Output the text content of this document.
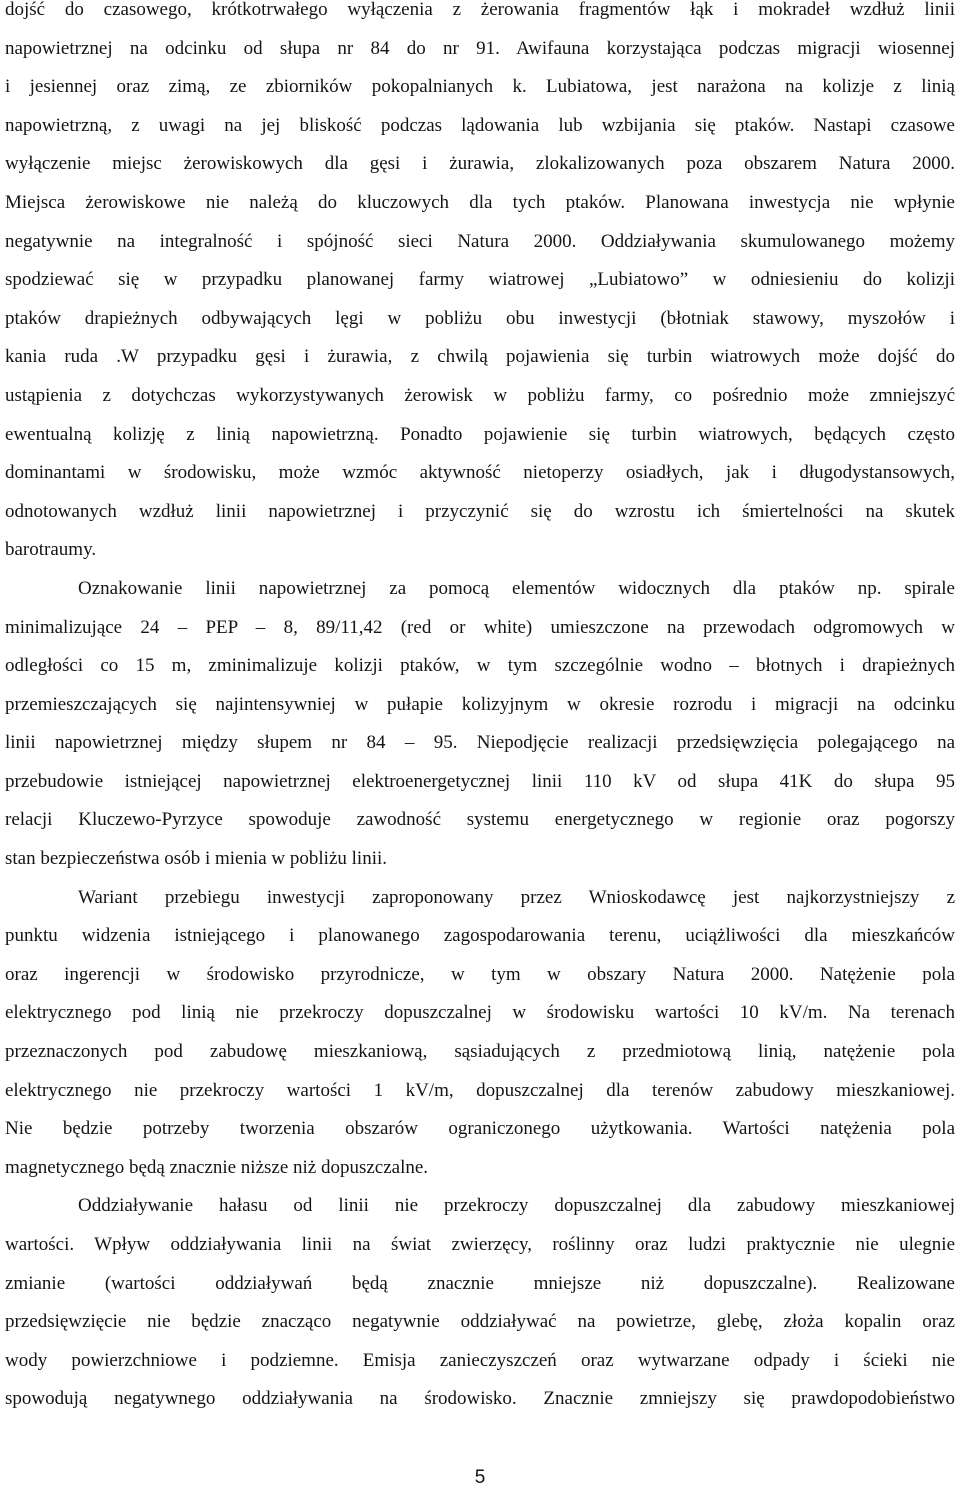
dojść do czasowego, krótkotrwałego wyłączenia z żerowania fragmentów łąk i mokradeł wzdłuż linii
napowietrznej na odcinku od słupa nr 84 do nr 91. Awifauna korzystająca podczas migracji wiosennej
i jesiennej oraz zimą, ze zbiorników pokopalnianych k. Lubiatowa, jest narażona na kolizje z linią
napowietrzną, z uwagi na jej bliskość podczas lądowania lub wzbijania się ptaków. Nastapi czasowe
wyłączenie miejsc żerowiskowych dla gęsi i żurawia, zlokalizowanych poza obszarem Natura 2000.
Miejsca żerowiskowe nie należą do kluczowych dla tych ptaków. Planowana inwestycja nie wpłynie
negatywnie na integralność i spójność sieci Natura 2000. Oddziaływania skumulowanego możemy
spodziewać się w przypadku planowanej farmy wiatrowej „Lubiatowo” w odniesieniu do kolizji
ptaków drapieżnych odbywających lęgi w pobliżu obu inwestycji (błotniak stawowy, myszołów i
kania ruda .W przypadku gęsi i żurawia, z chwilą pojawienia się turbin wiatrowych może dojść do
ustąpienia z dotychczas wykorzystywanych żerowisk w pobliżu farmy, co pośrednio może zmniejszyć
ewentualną kolizję z linią napowietrzną. Ponadto pojawienie się turbin wiatrowych, będących często
dominantami w środowisku, może wzmóc aktywność nietoperzy osiadłych, jak i długodystansowych,
odnotowanych wzdłuż linii napowietrznej i przyczynić się do wzrostu ich śmiertelności na skutek
barotraumy.
Oznakowanie linii napowietrznej za pomocą elementów widocznych dla ptaków np. spirale
minimalizujące 24 – PEP – 8, 89/11,42 (red or white) umieszczone na przewodach odgromowych w
odległości co 15 m, zminimalizuje kolizji ptaków, w tym szczególnie wodno – błotnych i drapieżnych
przemieszczających się najintensywniej w pułapie kolizyjnym w okresie rozrodu i migracji na odcinku
linii napowietrznej między słupem nr 84 – 95. Niepodjęcie realizacji przedsięwzięcia polegającego na
przebudowie istniejącej napowietrznej elektroenergetycznej linii 110 kV od słupa 41K do słupa 95
relacji Kluczewo-Pyrzyce spowoduje zawodność systemu energetycznego w regionie oraz pogorszy
stan bezpieczeństwa osób i mienia w pobliżu linii.
Wariant przebiegu inwestycji zaproponowany przez Wnioskodawcę jest najkorzystniejszy z
punktu widzenia istniejącego i planowanego zagospodarowania terenu, uciążliwości dla mieszkańców
oraz ingerencji w środowisko przyrodnicze, w tym w obszary Natura 2000. Natężenie pola
elektrycznego pod linią nie przekroczy dopuszczalnej w środowisku wartości 10 kV/m. Na terenach
przeznaczonych pod zabudowę mieszkaniową, sąsiadujących z przedmiotową linią, natężenie pola
elektrycznego nie przekroczy wartości 1 kV/m, dopuszczalnej dla terenów zabudowy mieszkaniowej.
Nie będzie potrzeby tworzenia obszarów ograniczonego użytkowania. Wartości natężenia pola
magnetycznego będą znacznie niższe niż dopuszczalne.
Oddziaływanie hałasu od linii nie przekroczy dopuszczalnej dla zabudowy mieszkaniowej
wartości. Wpływ oddziaływania linii na świat zwierzęcy, roślinny oraz ludzi praktycznie nie ulegnie
zmianie (wartości oddziaływań będą znacznie mniejsze niż dopuszczalne). Realizowane
przedsięwzięcie nie będzie znacząco negatywnie oddziaływać na powietrze, glebę, złoża kopalin oraz
wody powierzchniowe i podziemne. Emisja zanieczyszczeń oraz wytwarzane odpady i ścieki nie
spowodują negatywnego oddziaływania na środowisko. Znacznie zmniejszy się prawdopodobieństwo
5
